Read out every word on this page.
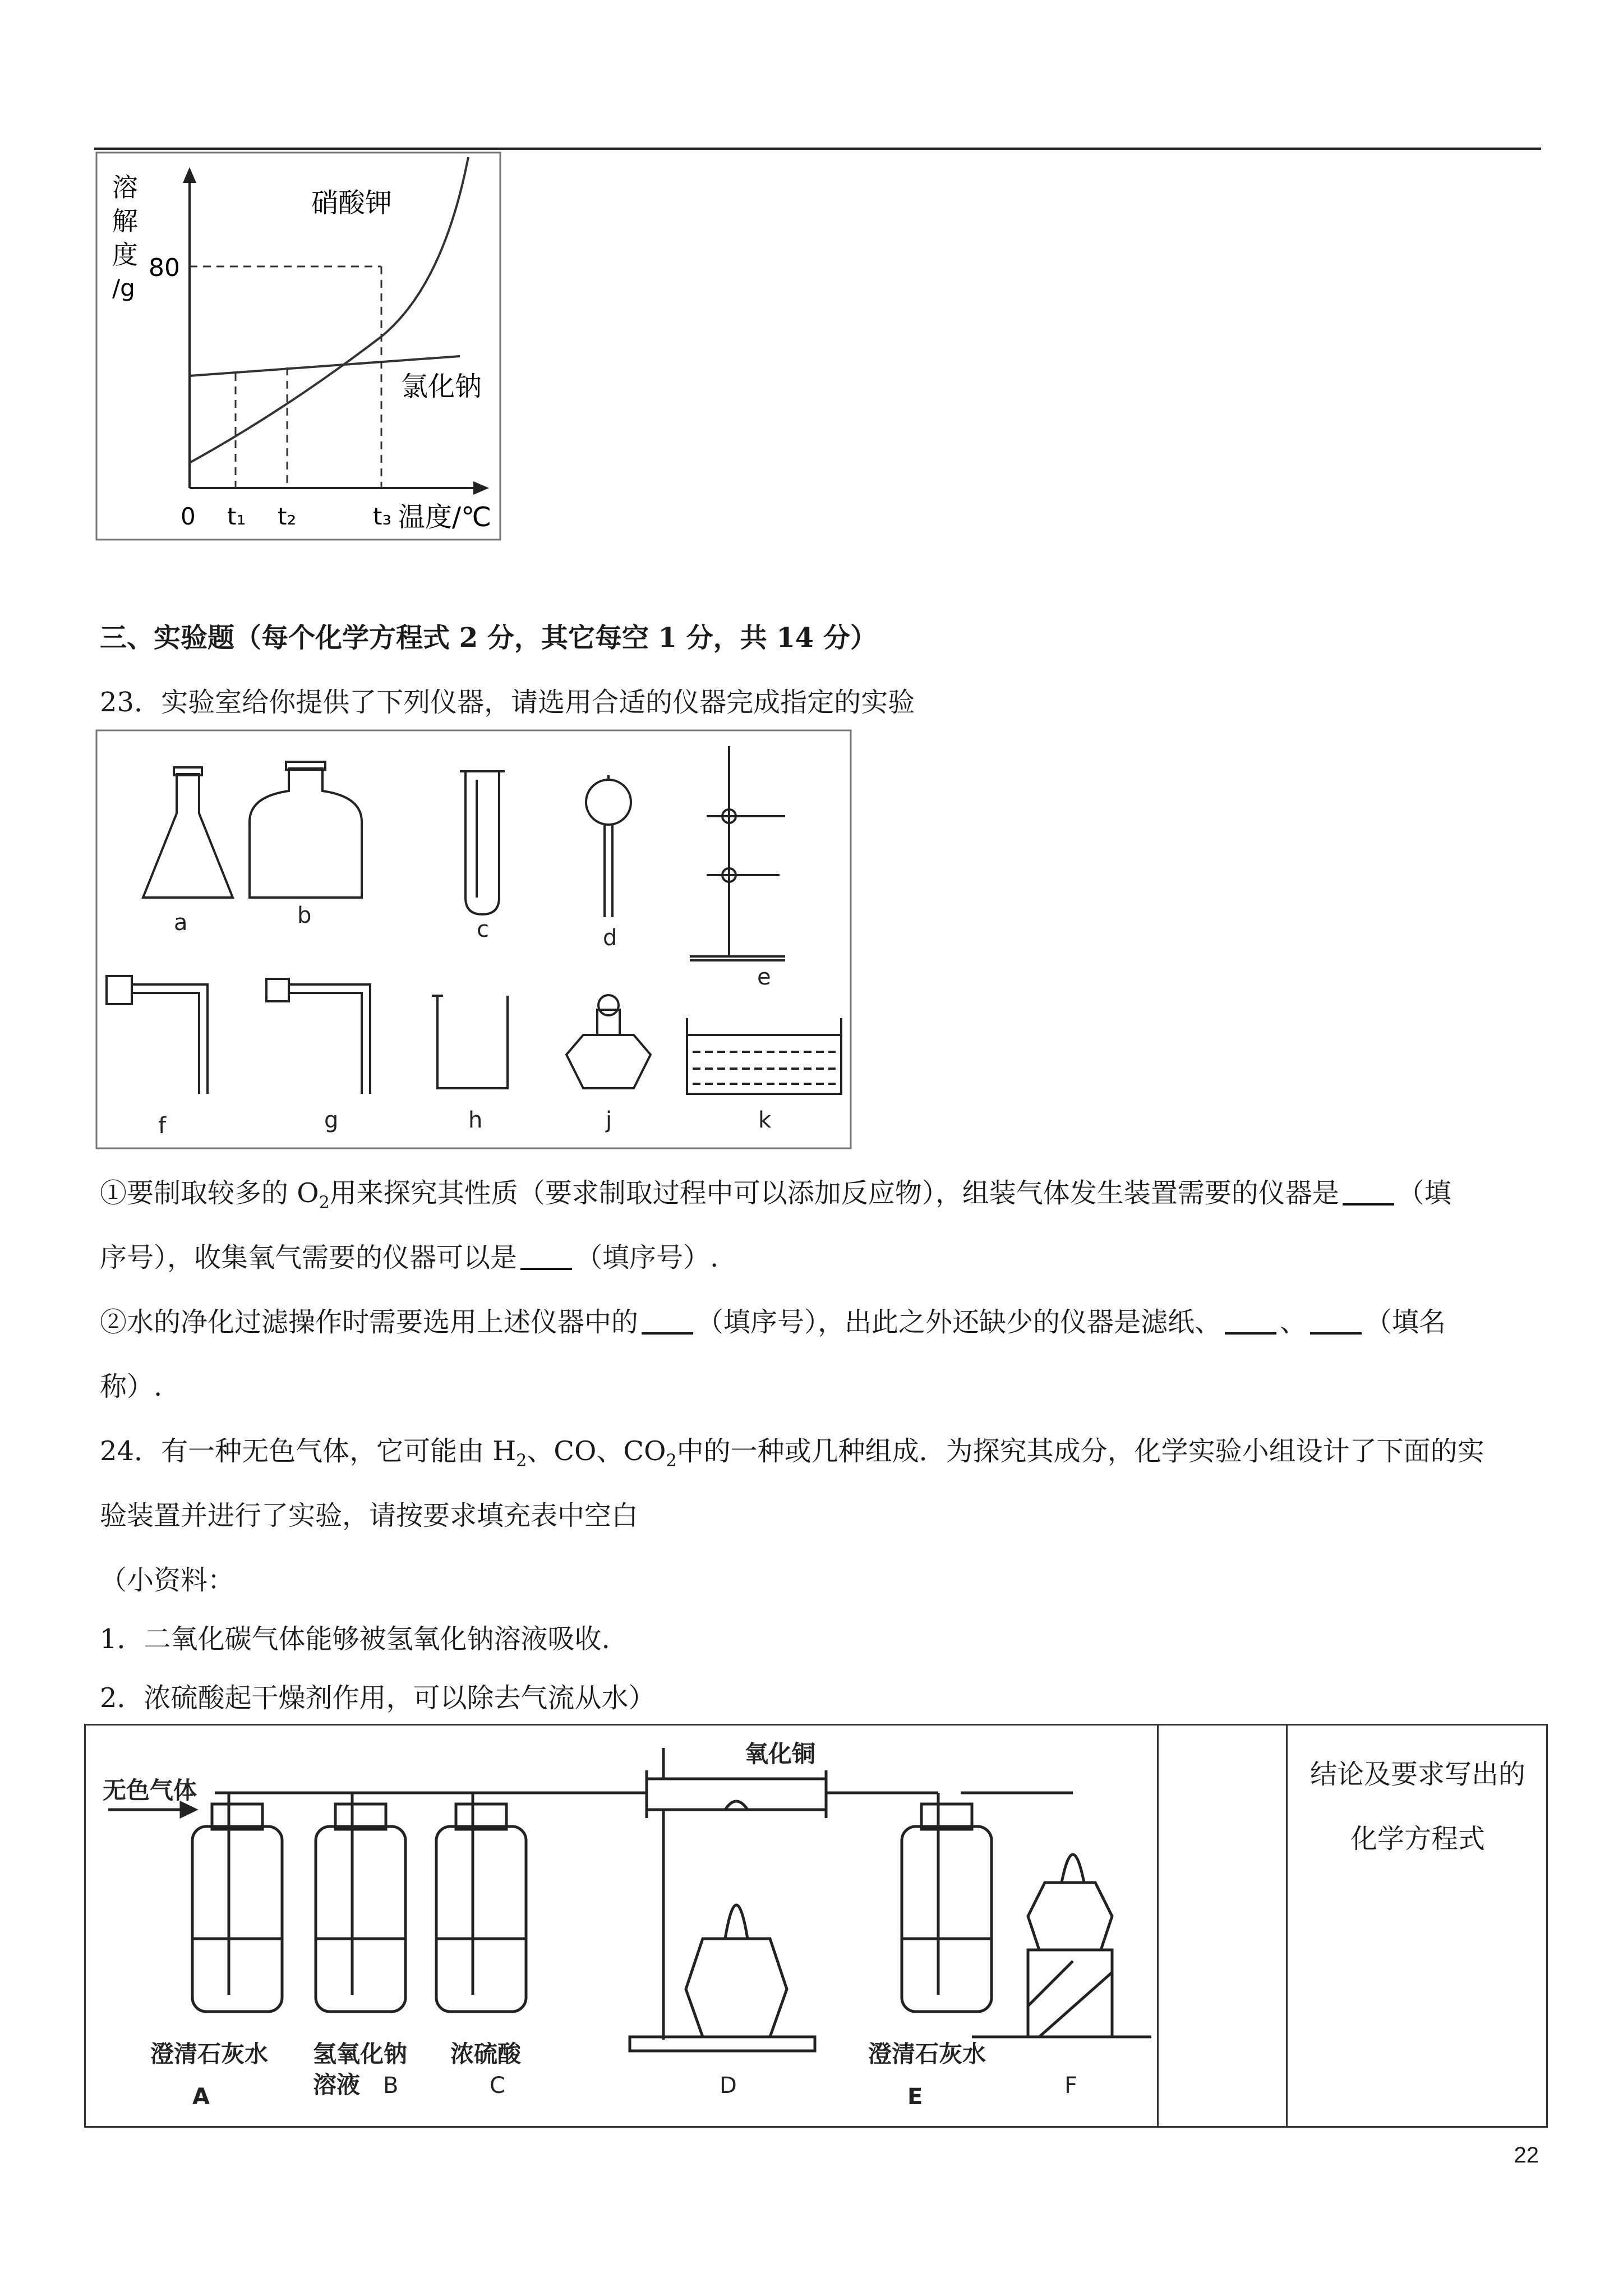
溶
解
度
/g
80
硝酸钾
氯化钠
0 t₁ t₂	t₃ 温度/℃
三、实验题（每个化学方程式 2 分，其它每空 1 分，共 14 分）
23．实验室给你提供了下列仪器，请选用合适的仪器完成指定的实验
a	b
c	d
e
f	g	h	j	k
①要制取较多的 $O_2$用来探究其性质（要求制取过程中可以添加反应物），组装气体发生装置需要的仪器是 （填
序号），收集氧气需要的仪器可以是 （填序号）.
②水的净化过滤操作时需要选用上述仪器中的 （填序号），出此之外还缺少的仪器是滤纸、 、 （填名
称）.
24．有一种无色气体，它可能由 $H_2$、CO、$CO_2$中的一种或几种组成．为探究其成分，化学实验小组设计了下面的实
验装置并进行了实验，请按要求填充表中空白
（小资料：
1．二氧化碳气体能够被氢氧化钠溶液吸收.
2．浓硫酸起干燥剂作用，可以除去气流从水）
结论及要求写出的化学方程式
无色气体
氧化铜
澄清石灰水 氢氧化钠
溶液
浓硫酸	澄清石灰水
A	B	C	D	E	F
22
